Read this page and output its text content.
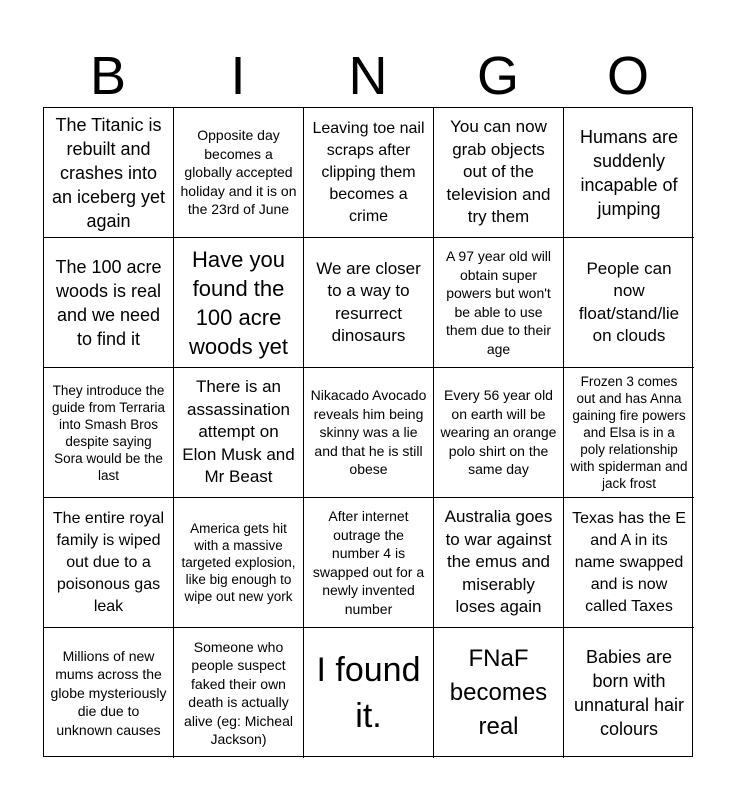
B	I	N	G	O
The Titanic is rebuilt and crashes into an iceberg yet again
Opposite day becomes a globally accepted holiday and it is on the 23rd of June
Leaving toe nail scraps after clipping them becomes a crime
You can now grab objects out of the television and try them
Humans are suddenly incapable of jumping
The 100 acre woods is real and we need to find it
Have you found the 100 acre woods yet
We are closer to a way to resurrect dinosaurs
A 97 year old will obtain super powers but won't be able to use them due to their age
People can now float/stand/lie on clouds
They introduce the guide from Terraria into Smash Bros despite saying Sora would be the last
There is an assassination attempt on Elon Musk and Mr Beast
Nikacado Avocado reveals him being skinny was a lie and that he is still obese
Every 56 year old on earth will be wearing an orange polo shirt on the same day
Frozen 3 comes out and has Anna gaining fire powers and Elsa is in a poly relationship with spiderman and jack frost
The entire royal family is wiped out due to a poisonous gas leak
America gets hit with a massive targeted explosion, like big enough to wipe out new york
After internet outrage the number 4 is swapped out for a newly invented number
Australia goes to war against the emus and miserably loses again
Texas has the E and A in its name swapped and is now called Taxes
Millions of new mums across the globe mysteriously die due to unknown causes
Someone who people suspect faked their own death is actually alive (eg: Micheal Jackson)
I found it.
FNaF becomes real
Babies are born with unnatural hair colours
